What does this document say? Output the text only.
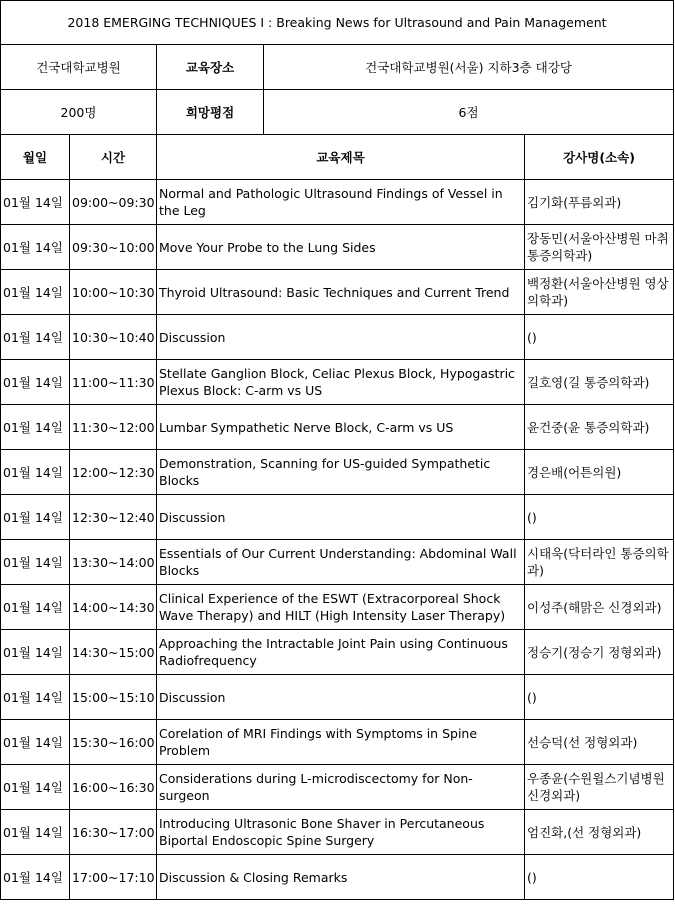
2018 EMERGING TECHNIQUES I : Breaking News for Ultrasound and Pain Management				
건국대학교병원		교육장소	건국대학교병원(서울) 지하3층 대강당	
200명		희망평점	6점	
월일	시간	교육제목		강사명(소속)
01월 14일	09:00~09:30	Normal and Pathologic Ultrasound Findings of Vessel in the Leg		김기화(푸름외과)
01월 14일	09:30~10:00	Move Your Probe to the Lung Sides		장동민(서울아산병원 마취통증의학과)
01월 14일	10:00~10:30	Thyroid Ultrasound: Basic Techniques and Current Trend		백정환(서울아산병원 영상의학과)
01월 14일	10:30~10:40	Discussion		()
01월 14일	11:00~11:30	Stellate Ganglion Block, Celiac Plexus Block, Hypogastric Plexus Block: C-arm vs US		길호영(길 통증의학과)
01월 14일	11:30~12:00	Lumbar Sympathetic Nerve Block, C-arm vs US		윤건중(윤 통증의학과)
01월 14일	12:00~12:30	Demonstration, Scanning for US-guided Sympathetic Blocks		경은배(어튼의원)
01월 14일	12:30~12:40	Discussion		()
01월 14일	13:30~14:00	Essentials of Our Current Understanding: Abdominal Wall Blocks		시태욱(닥터라인 통증의학과)
01월 14일	14:00~14:30	Clinical Experience of the ESWT (Extracorporeal Shock Wave Therapy) and HILT (High Intensity Laser Therapy)		이성주(해맑은 신경외과)
01월 14일	14:30~15:00	Approaching the Intractable Joint Pain using Continuous Radiofrequency		정승기(정승기 정형외과)
01월 14일	15:00~15:10	Discussion		()
01월 14일	15:30~16:00	Corelation of MRI Findings with Symptoms in Spine Problem		선승덕(선 정형외과)
01월 14일	16:00~16:30	Considerations during L-microdiscectomy for Non-surgeon		우종윤(수원윌스기념병원 신경외과)
01월 14일	16:30~17:00	Introducing Ultrasonic Bone Shaver in Percutaneous Biportal Endoscopic Spine Surgery		엄진화,(선 정형외과)
01월 14일	17:00~17:10	Discussion & Closing Remarks		()
